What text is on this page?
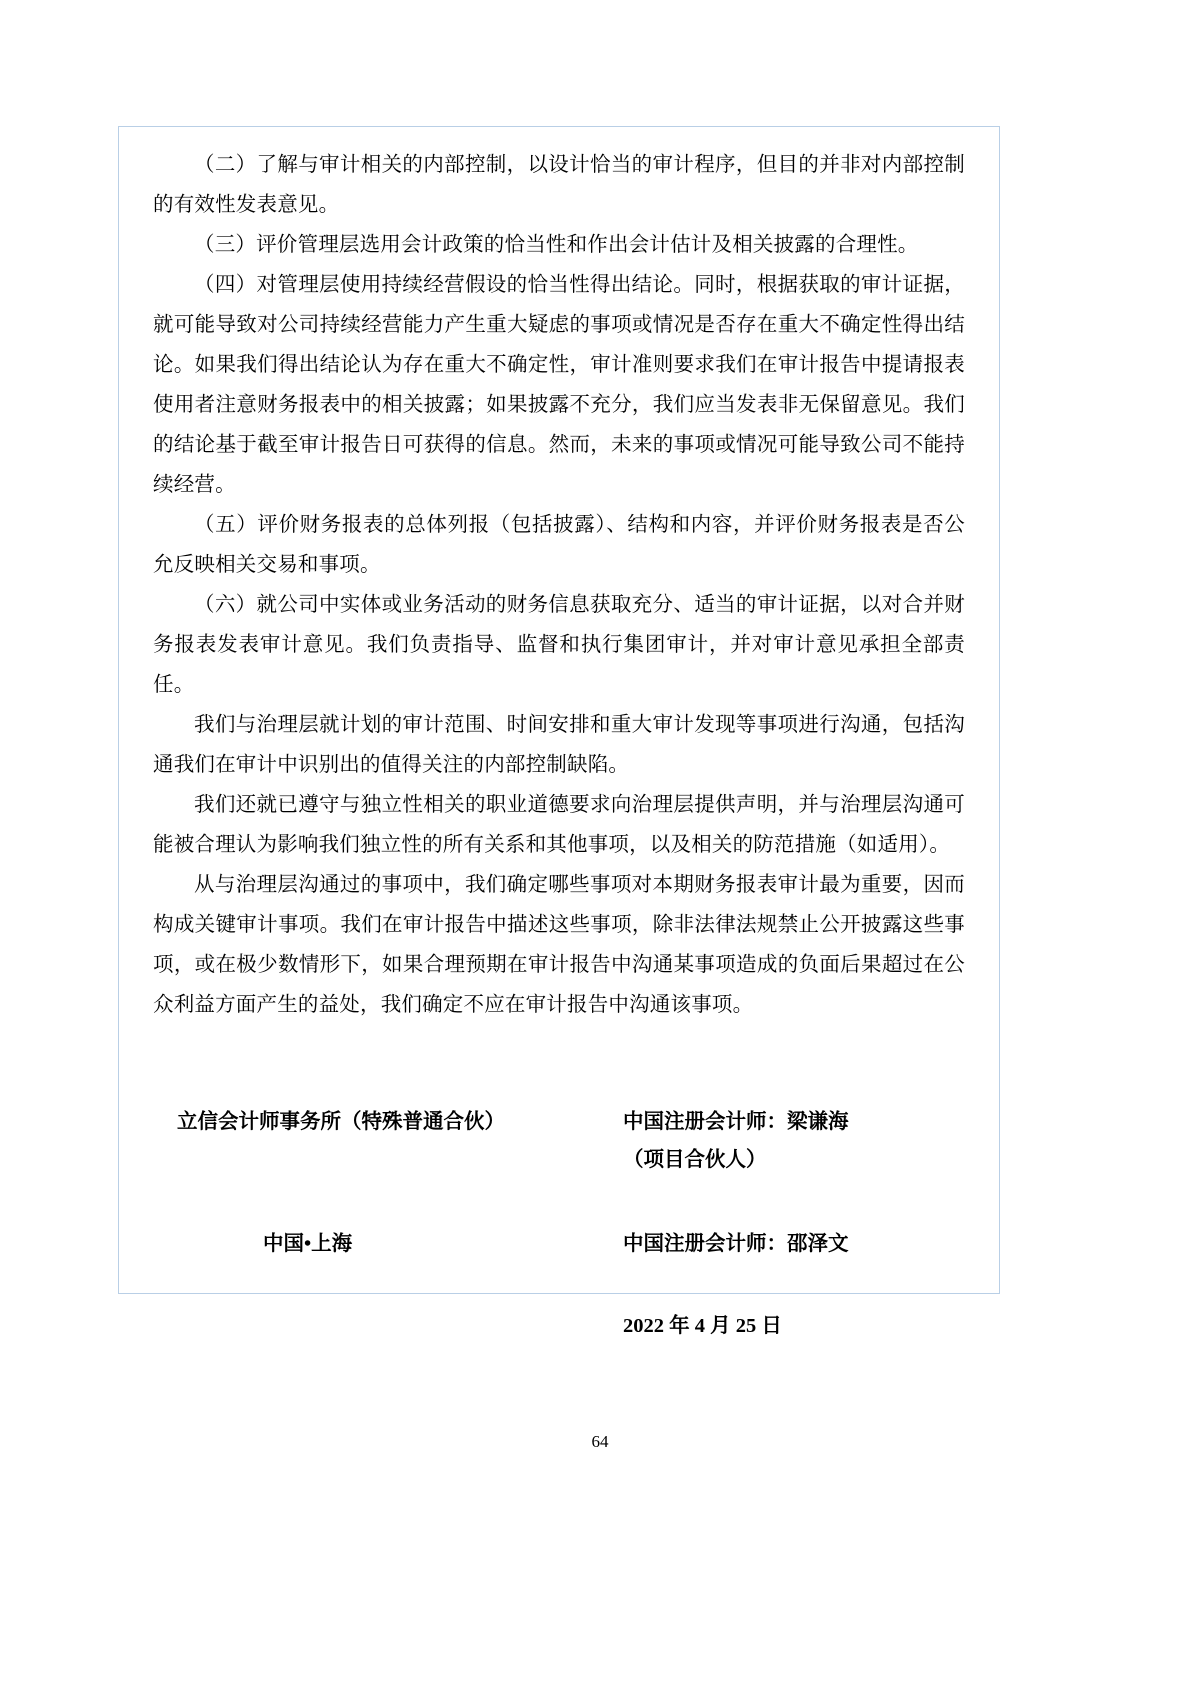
（二）了解与审计相关的内部控制，以设计恰当的审计程序，但目的并非对内部控制的有效性发表意见。

（三）评价管理层选用会计政策的恰当性和作出会计估计及相关披露的合理性。

（四）对管理层使用持续经营假设的恰当性得出结论。同时，根据获取的审计证据，就可能导致对公司持续经营能力产生重大疑虑的事项或情况是否存在重大不确定性得出结论。如果我们得出结论认为存在重大不确定性，审计准则要求我们在审计报告中提请报表使用者注意财务报表中的相关披露；如果披露不充分，我们应当发表非无保留意见。我们的结论基于截至审计报告日可获得的信息。然而，未来的事项或情况可能导致公司不能持续经营。

（五）评价财务报表的总体列报（包括披露）、结构和内容，并评价财务报表是否公允反映相关交易和事项。

（六）就公司中实体或业务活动的财务信息获取充分、适当的审计证据，以对合并财务报表发表审计意见。我们负责指导、监督和执行集团审计，并对审计意见承担全部责任。

我们与治理层就计划的审计范围、时间安排和重大审计发现等事项进行沟通，包括沟通我们在审计中识别出的值得关注的内部控制缺陷。

我们还就已遵守与独立性相关的职业道德要求向治理层提供声明，并与治理层沟通可能被合理认为影响我们独立性的所有关系和其他事项，以及相关的防范措施（如适用）。

从与治理层沟通过的事项中，我们确定哪些事项对本期财务报表审计最为重要，因而构成关键审计事项。我们在审计报告中描述这些事项，除非法律法规禁止公开披露这些事项，或在极少数情形下，如果合理预期在审计报告中沟通某事项造成的负面后果超过在公众利益方面产生的益处，我们确定不应在审计报告中沟通该事项。

立信会计师事务所（特殊普通合伙）	中国注册会计师：梁谦海
（项目合伙人）
中国•上海	中国注册会计师：邵泽文
2022 年 4 月 25 日
64
